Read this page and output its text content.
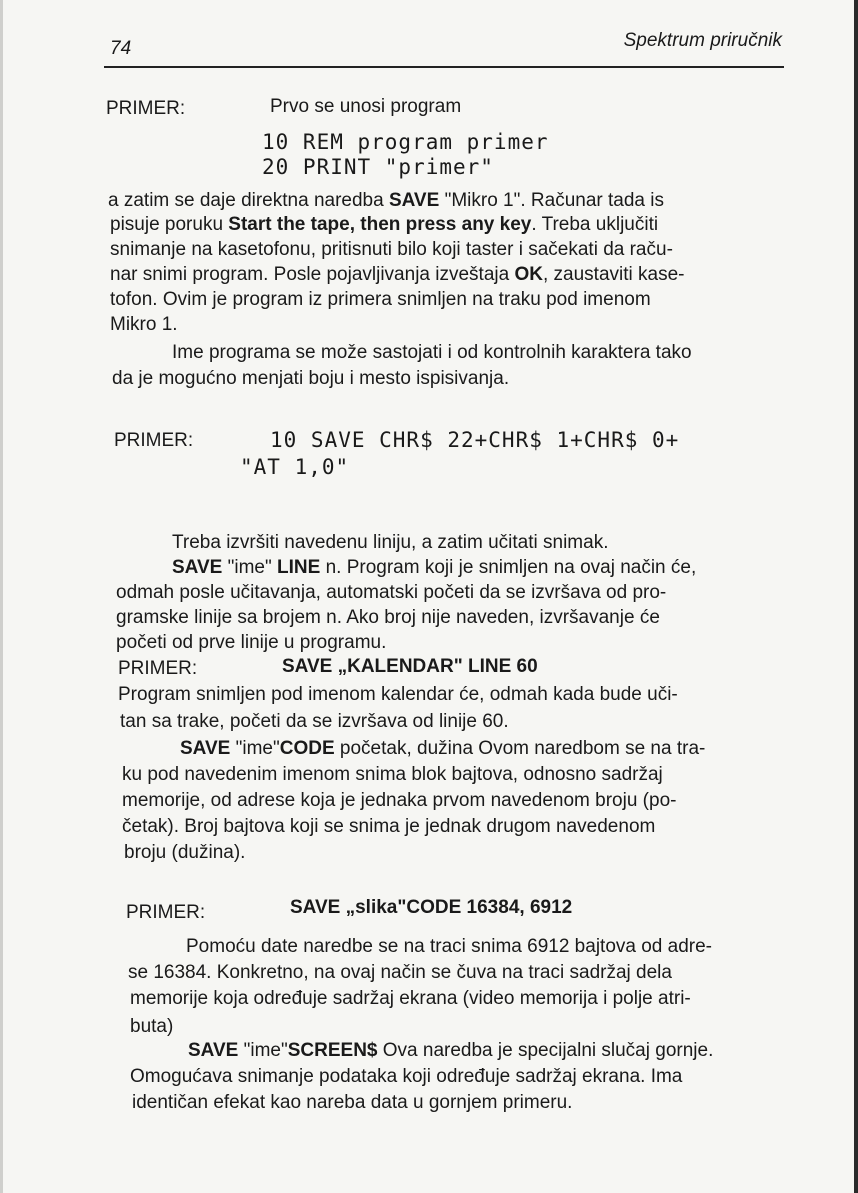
74	Spektrum priručnik
PRIMER:	Prvo se unosi program
10 REM program primer
20 PRINT "primer"
a zatim se daje direktna naredba SAVE "Mikro 1". Računar tada is
pisuje poruku Start the tape, then press any key. Treba uključiti
snimanje na kasetofonu, pritisnuti bilo koji taster i sačekati da raču-
nar snimi program. Posle pojavljivanja izveštaja OK, zaustaviti kase-
tofon. Ovim je program iz primera snimljen na traku pod imenom
Mikro 1.
Ime programa se može sastojati i od kontrolnih karaktera tako
da je mogućno menjati boju i mesto ispisivanja.
PRIMER:	10 SAVE CHR$ 22+CHR$ 1+CHR$ 0+
"AT 1,0"
Treba izvršiti navedenu liniju, a zatim učitati snimak.
SAVE "ime" LINE n. Program koji je snimljen na ovaj način će,
odmah posle učitavanja, automatski početi da se izvršava od pro-
gramske linije sa brojem n. Ako broj nije naveden, izvršavanje će
početi od prve linije u programu.
PRIMER:	SAVE „KALENDAR" LINE 60
Program snimljen pod imenom kalendar će, odmah kada bude uči-
tan sa trake, početi da se izvršava od linije 60.
SAVE "ime"CODE početak, dužina Ovom naredbom se na tra-
ku pod navedenim imenom snima blok bajtova, odnosno sadržaj
memorije, od adrese koja je jednaka prvom navedenom broju (po-
četak). Broj bajtova koji se snima je jednak drugom navedenom
broju (dužina).
PRIMER:	SAVE „slika"CODE 16384, 6912
Pomoću date naredbe se na traci snima 6912 bajtova od adre-
se 16384. Konkretno, na ovaj način se čuva na traci sadržaj dela
memorije koja određuje sadržaj ekrana (video memorija i polje atri-
buta)
SAVE "ime"SCREEN$ Ova naredba je specijalni slučaj gornje.
Omogućava snimanje podataka koji određuje sadržaj ekrana. Ima
identičan efekat kao nareba data u gornjem primeru.
